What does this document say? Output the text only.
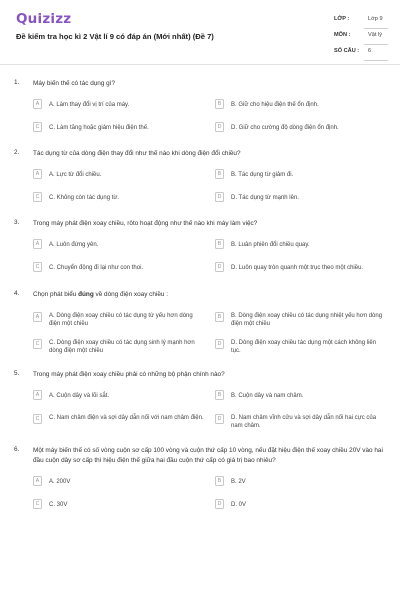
Quizizz
Đề kiểm tra học kì 2 Vật lí 9 có đáp án (Mới nhất) (Đề 7)
LỚP :	Lớp 9
MÔN :	Vật lý
SỐ CÂU : 6
1. Máy biến thế có tác dụng gì?
A	A. Làm thay đổi vị trí của máy.	B	B. Giữ cho hiệu điện thế ổn định.
C	C. Làm tăng hoặc giảm hiệu điện thế.	D	D. Giữ cho cường độ dòng điện ổn định.
2. Tác dụng từ của dòng điện thay đổi như thế nào khi dòng điện đổi chiều?
A	A. Lực từ đổi chiều.	B	B. Tác dụng từ giảm đi.
C	C. Không còn tác dụng từ.	D	D. Tác dụng từ mạnh lên.
3. Trong máy phát điện xoay chiều, rôto hoạt động như thế nào khi máy làm việc?
A	A. Luôn đứng yên.	B	B. Luân phiên đổi chiều quay.
C	C. Chuyển động đi lại như con thoi.	D	D. Luôn quay tròn quanh một trục theo một chiều.
4. Chọn phát biểu đúng về dòng điện xoay chiều :
A	A. Dòng điện xoay chiều có tác dụng từ yếu hơn dòng điện một chiều
B	B. Dòng điện xoay chiều có tác dụng nhiệt yếu hơn dòng điện một chiều
C	C. Dòng điện xoay chiều có tác dụng sinh lý mạnh hơn dòng điện một chiều
D	D. Dòng điện xoay chiều tác dụng một cách không liên tục.
5. Trong máy phát điện xoay chiều phải có những bộ phận chính nào?
A	A. Cuộn dây và lõi sắt.	B	B. Cuộn dây và nam châm.
C	C. Nam châm điện và sợi dây dẫn nối với nam châm điện.	D	D. Nam châm vĩnh cửu và sợi dây dẫn nối hai cực của nam châm.
6. Một máy biến thế có số vòng cuộn sơ cấp 100 vòng và cuộn thứ cấp 10 vòng, nếu đặt hiệu điện thế xoay chiều 20V vào hai đầu cuộn dây sơ cấp thì hiệu điện thế giữa hai đầu cuộn thứ cấp có giá trị bao nhiêu?
A	A. 200V	B	B. 2V
C	C. 30V	D	D. 0V
